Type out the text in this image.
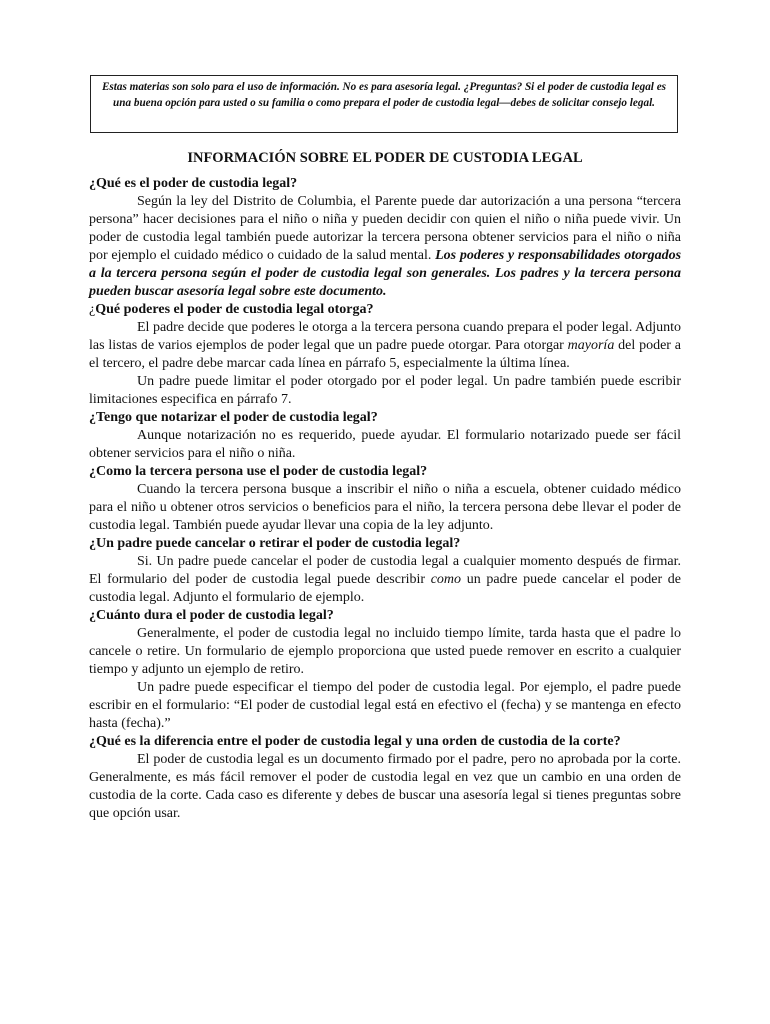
Estas materias son solo para el uso de información. No es para asesoría legal. ¿Preguntas? Si el poder de custodia legal es una buena opción para usted o su familia o como prepara el poder de custodia legal—debes de solicitar consejo legal.
INFORMACIÓN SOBRE EL PODER DE CUSTODIA LEGAL
¿Qué es el poder de custodia legal?

Según la ley del Distrito de Columbia, el Parente puede dar autorización a una persona “tercera persona” hacer decisiones para el niño o niña y pueden decidir con quien el niño o niña puede vivir. Un poder de custodia legal también puede autorizar la tercera persona obtener servicios para el niño o niña por ejemplo el cuidado médico o cuidado de la salud mental. Los poderes y responsabilidades otorgados a la tercera persona según el poder de custodia legal son generales. Los padres y la tercera persona pueden buscar asesoría legal sobre este documento.

¿Qué poderes el poder de custodia legal otorga?

El padre decide que poderes le otorga a la tercera persona cuando prepara el poder legal. Adjunto las listas de varios ejemplos de poder legal que un padre puede otorgar. Para otorgar mayoría del poder a el tercero, el padre debe marcar cada línea en párrafo 5, especialmente la última línea.

Un padre puede limitar el poder otorgado por el poder legal. Un padre también puede escribir limitaciones especifica en párrafo 7.

¿Tengo que notarizar el poder de custodia legal?

Aunque notarización no es requerido, puede ayudar. El formulario notarizado puede ser fácil obtener servicios para el niño o niña.

¿Como la tercera persona use el poder de custodia legal?

Cuando la tercera persona busque a inscribir el niño o niña a escuela, obtener cuidado médico para el niño u obtener otros servicios o beneficios para el niño, la tercera persona debe llevar el poder de custodia legal. También puede ayudar llevar una copia de la ley adjunto.

¿Un padre puede cancelar o retirar el poder de custodia legal?

Si. Un padre puede cancelar el poder de custodia legal a cualquier momento después de firmar. El formulario del poder de custodia legal puede describir como un padre puede cancelar el poder de custodia legal. Adjunto el formulario de ejemplo.

¿Cuánto dura el poder de custodia legal?

Generalmente, el poder de custodia legal no incluido tiempo límite, tarda hasta que el padre lo cancele o retire. Un formulario de ejemplo proporciona que usted puede remover en escrito a cualquier tiempo y adjunto un ejemplo de retiro.

Un padre puede especificar el tiempo del poder de custodia legal. Por ejemplo, el padre puede escribir en el formulario: “El poder de custodial legal está en efectivo el (fecha) y se mantenga en efecto hasta (fecha).”

¿Qué es la diferencia entre el poder de custodia legal y una orden de custodia de la corte?

El poder de custodia legal es un documento firmado por el padre, pero no aprobada por la corte. Generalmente, es más fácil remover el poder de custodia legal en vez que un cambio en una orden de custodia de la corte. Cada caso es diferente y debes de buscar una asesoría legal si tienes preguntas sobre que opción usar.
